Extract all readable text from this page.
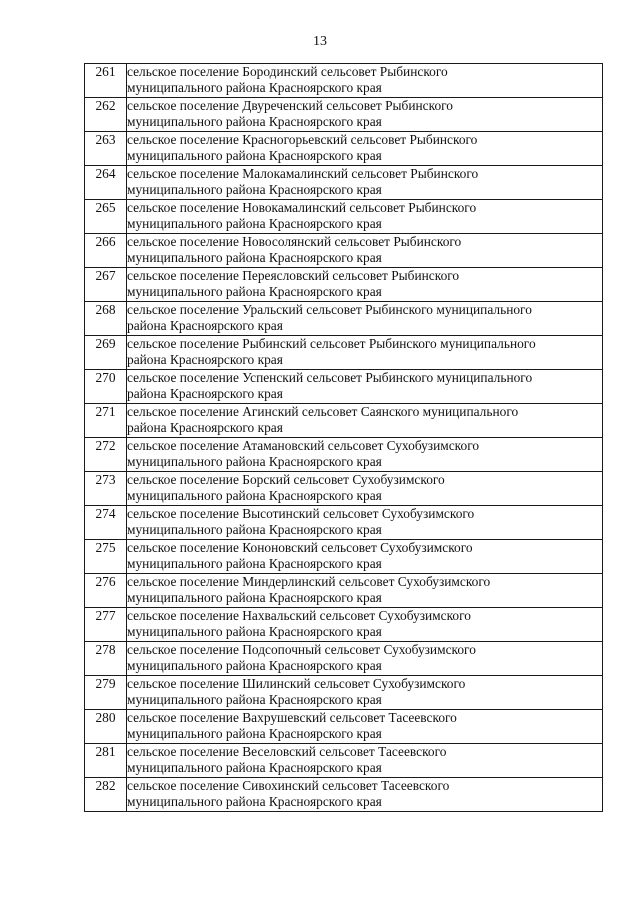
13
261	сельское поселение Бородинский сельсовет Рыбинского
муниципального района Красноярского края
262	сельское поселение Двуреченский сельсовет Рыбинского
муниципального района Красноярского края
263	сельское поселение Красногорьевский сельсовет Рыбинского
муниципального района Красноярского края
264	сельское поселение Малокамалинский сельсовет Рыбинского
муниципального района Красноярского края
265	сельское поселение Новокамалинский сельсовет Рыбинского
муниципального района Красноярского края
266	сельское поселение Новосолянский сельсовет Рыбинского
муниципального района Красноярского края
267	сельское поселение Переясловский сельсовет Рыбинского
муниципального района Красноярского края
268	сельское поселение Уральский сельсовет Рыбинского муниципального
района Красноярского края
269	сельское поселение Рыбинский сельсовет Рыбинского муниципального
района Красноярского края
270	сельское поселение Успенский сельсовет Рыбинского муниципального
района Красноярского края
271	сельское поселение Агинский сельсовет Саянского муниципального
района Красноярского края
272	сельское поселение Атамановский сельсовет Сухобузимского
муниципального района Красноярского края
273	сельское поселение Борский сельсовет Сухобузимского
муниципального района Красноярского края
274	сельское поселение Высотинский сельсовет Сухобузимского
муниципального района Красноярского края
275	сельское поселение Кононовский сельсовет Сухобузимского
муниципального района Красноярского края
276	сельское поселение Миндерлинский сельсовет Сухобузимского
муниципального района Красноярского края
277	сельское поселение Нахвальский сельсовет Сухобузимского
муниципального района Красноярского края
278	сельское поселение Подсопочный сельсовет Сухобузимского
муниципального района Красноярского края
279	сельское поселение Шилинский сельсовет Сухобузимского
муниципального района Красноярского края
280	сельское поселение Вахрушевский сельсовет Тасеевского
муниципального района Красноярского края
281	сельское поселение Веселовский сельсовет Тасеевского
муниципального района Красноярского края
282	сельское поселение Сивохинский сельсовет Тасеевского
муниципального района Красноярского края
